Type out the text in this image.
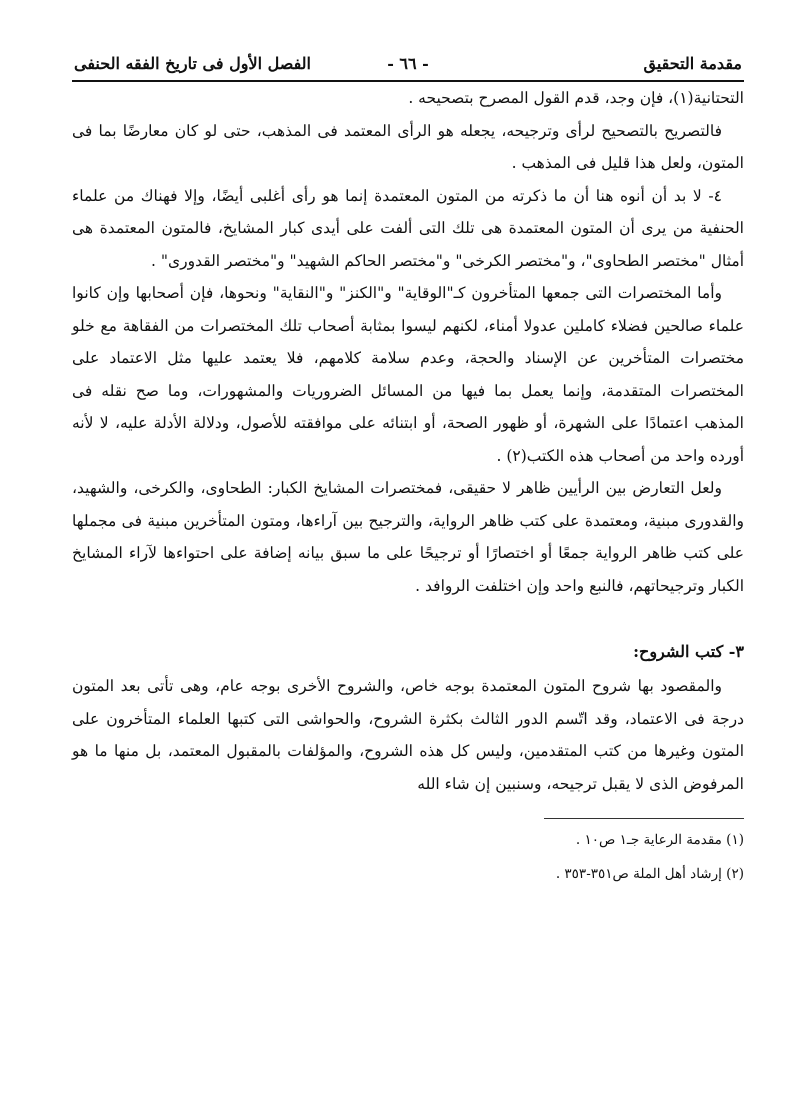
مقدمة التحقيق
- ٦٦ -
الفصل الأول فى تاريخ الفقه الحنفى

التحتانية(١)، فإن وجد، قدم القول المصرح بتصحيحه .

فالتصريح بالتصحيح لرأى وترجيحه، يجعله هو الرأى المعتمد فى المذهب، حتى لو كان معارضًا بما فى المتون، ولعل هذا قليل فى المذهب .

٤- لا بد أن أنوه هنا أن ما ذكرته من المتون المعتمدة إنما هو رأى أغلبى أيضًا، وإلا فهناك من علماء الحنفية من يرى أن المتون المعتمدة هى تلك التى ألفت على أيدى كبار المشايخ، فالمتون المعتمدة هى أمثال "مختصر الطحاوى"، و"مختصر الكرخى" و"مختصر الحاكم الشهيد" و"مختصر القدورى" .

وأما المختصرات التى جمعها المتأخرون كـ"الوقاية" و"الكنز" و"النقاية" ونحوها، فإن أصحابها وإن كانوا علماء صالحين فضلاء كاملين عدولا أمناء، لكنهم ليسوا بمثابة أصحاب تلك المختصرات من الفقاهة مع خلو مختصرات المتأخرين عن الإسناد والحجة، وعدم سلامة كلامهم، فلا يعتمد عليها مثل الاعتماد على المختصرات المتقدمة، وإنما يعمل بما فيها من المسائل الضروريات والمشهورات، وما صح نقله فى المذهب اعتمادًا على الشهرة، أو ظهور الصحة، أو ابتنائه على موافقته للأصول، ودلالة الأدلة عليه، لا لأنه أورده واحد من أصحاب هذه الكتب(٢) .

ولعل التعارض بين الرأيين ظاهر لا حقيقى، فمختصرات المشايخ الكبار: الطحاوى، والكرخى، والشهيد، والقدورى مبنية، ومعتمدة على كتب ظاهر الرواية، والترجيح بين آراءها، ومتون المتأخرين مبنية فى مجملها على كتب ظاهر الرواية جمعًا أو اختصارًا أو ترجيحًا على ما سبق بيانه إضافة على احتواءها لآراء المشايخ الكبار وترجيحاتهم، فالنبع واحد وإن اختلفت الروافد .

٣- كتب الشروح:

والمقصود بها شروح المتون المعتمدة بوجه خاص، والشروح الأخرى بوجه عام، وهى تأتى بعد المتون درجة فى الاعتماد، وقد اتّسم الدور الثالث بكثرة الشروح، والحواشى التى كتبها العلماء المتأخرون على المتون وغيرها من كتب المتقدمين، وليس كل هذه الشروح، والمؤلفات بالمقبول المعتمد، بل منها ما هو المرفوض الذى لا يقبل ترجيحه، وسنبين إن شاء الله

(١) مقدمة الرعاية جـ١ ص١٠ .

(٢) إرشاد أهل الملة ص٣٥١-٣٥٣ .
